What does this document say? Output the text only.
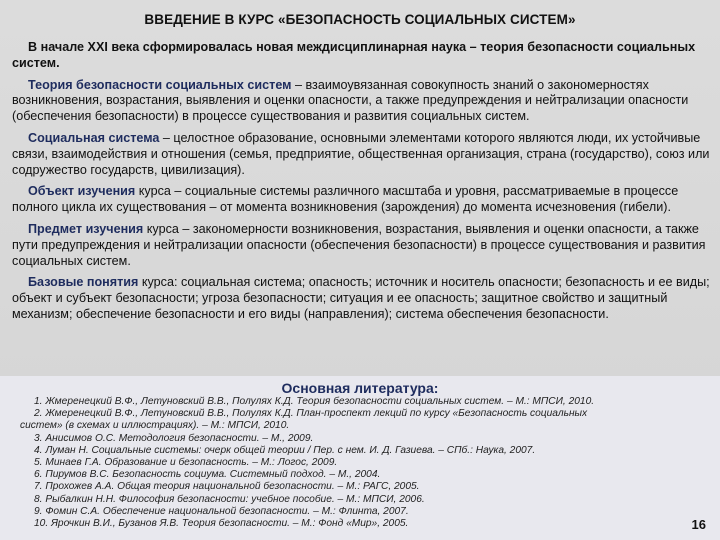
ВВЕДЕНИЕ В КУРС «БЕЗОПАСНОСТЬ СОЦИАЛЬНЫХ СИСТЕМ»

В начале XXI века сформировалась новая междисциплинарная наука – теория безопасности социальных систем.

Теория безопасности социальных систем – взаимоувязанная совокупность знаний о закономерностях возникновения, возрастания, выявления и оценки опасности, а также предупреждения и нейтрализации опасности (обеспечения безопасности) в процессе существования и развития социальных систем.

Социальная система – целостное образование, основными элементами которого являются люди, их устойчивые связи, взаимодействия и отношения (семья, предприятие, общественная организация, страна (государство), союз или содружество государств, цивилизация).

Объект изучения курса – социальные системы различного масштаба и уровня, рассматриваемые в процессе полного цикла их существования – от момента возникновения (зарождения) до момента исчезновения (гибели).

Предмет изучения курса – закономерности возникновения, возрастания, выявления и оценки опасности, а также пути предупреждения и нейтрализации опасности (обеспечения безопасности) в процессе существования и развития социальных систем.

Базовые понятия курса: социальная система; опасность; источник и носитель опасности; безопасность и ее виды; объект и субъект безопасности; угроза безопасности; ситуация и ее опасность; защитное свойство и защитный механизм; обеспечение безопасности и его виды (направления); система обеспечения безопасности.

Основная литература:
1. Жмеренецкий В.Ф., Летуновский В.В., Полулях К.Д. Теория безопасности социальных систем. – М.: МПСИ, 2010.
2. Жмеренецкий В.Ф., Летуновский В.В., Полулях К.Д. План-проспект лекций по курсу «Безопасность социальных
систем» (в схемах и иллюстрациях). – М.: МПСИ, 2010.
3. Анисимов О.С. Методология безопасности. – М., 2009.
4. Луман Н. Социальные системы: очерк общей теории / Пер. с нем. И. Д. Газиева. – СПб.: Наука, 2007.
5. Минаев Г.А. Образование и безопасность. – М.: Логос, 2009.
6. Пирумов В.С. Безопасность социума. Системный подход. – М., 2004.
7. Прохожев А.А. Общая теория национальной безопасности. – М.: РАГС, 2005.
8. Рыбалкин Н.Н. Философия безопасности: учебное пособие. – М.: МПСИ, 2006.
9. Фомин С.А. Обеспечение национальной безопасности. – М.: Флинта, 2007.
10. Ярочкин В.И., Бузанов Я.В. Теория безопасности. – М.: Фонд «Мир», 2005.	16
